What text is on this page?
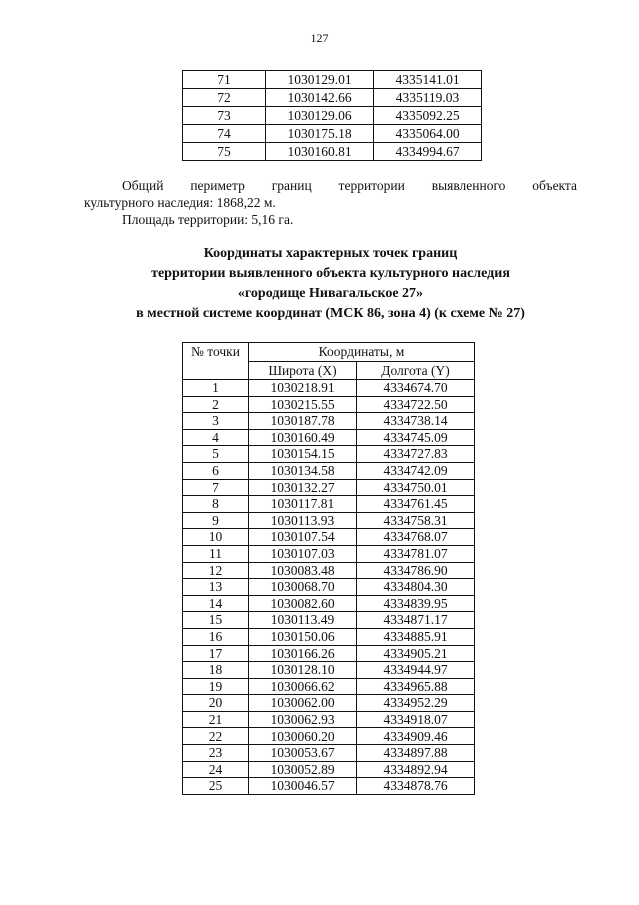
127
71	1030129.01	4335141.01
72	1030142.66	4335119.03
73	1030129.06	4335092.25
74	1030175.18	4335064.00
75	1030160.81	4334994.67
Общий периметр границ территории выявленного объекта
культурного наследия: 1868,22 м.
Площадь территории: 5,16 га.
Координаты характерных точек границ
территории выявленного объекта культурного наследия
«городище Нивагальское 27»
в местной системе координат (МСК 86, зона 4) (к схеме № 27)
№ точки	Координаты, м	
	Широта (X)	Долгота (Y)
1	1030218.91	4334674.70
2	1030215.55	4334722.50
3	1030187.78	4334738.14
4	1030160.49	4334745.09
5	1030154.15	4334727.83
6	1030134.58	4334742.09
7	1030132.27	4334750.01
8	1030117.81	4334761.45
9	1030113.93	4334758.31
10	1030107.54	4334768.07
11	1030107.03	4334781.07
12	1030083.48	4334786.90
13	1030068.70	4334804.30
14	1030082.60	4334839.95
15	1030113.49	4334871.17
16	1030150.06	4334885.91
17	1030166.26	4334905.21
18	1030128.10	4334944.97
19	1030066.62	4334965.88
20	1030062.00	4334952.29
21	1030062.93	4334918.07
22	1030060.20	4334909.46
23	1030053.67	4334897.88
24	1030052.89	4334892.94
25	1030046.57	4334878.76
